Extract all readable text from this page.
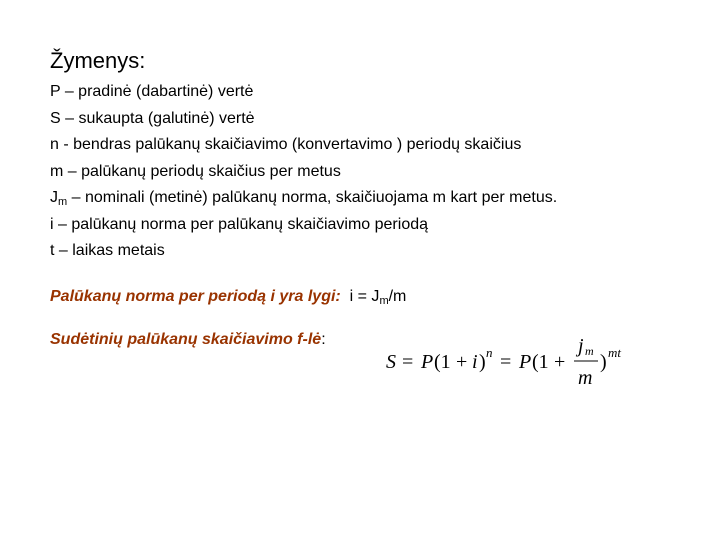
Žymenys:
P – pradinė (dabartinė) vertė
S – sukaupta (galutinė) vertė
n - bendras palūkanų skaičiavimo (konvertavimo ) periodų skaičius
m – palūkanų periodų skaičius per metus
$J_m$ – nominali (metinė) palūkanų norma, skaičiuojama m kart per metus.
i – palūkanų norma per palūkanų skaičiavimo periodą
t – laikas metais
Palūkanų norma per periodą i yra lygi:  $i = J_m/m$
Sudėtinių palūkanų skaičiavimo f-lė:
S = P (1 + i ) n = P (1 +
j m
m
) mt
